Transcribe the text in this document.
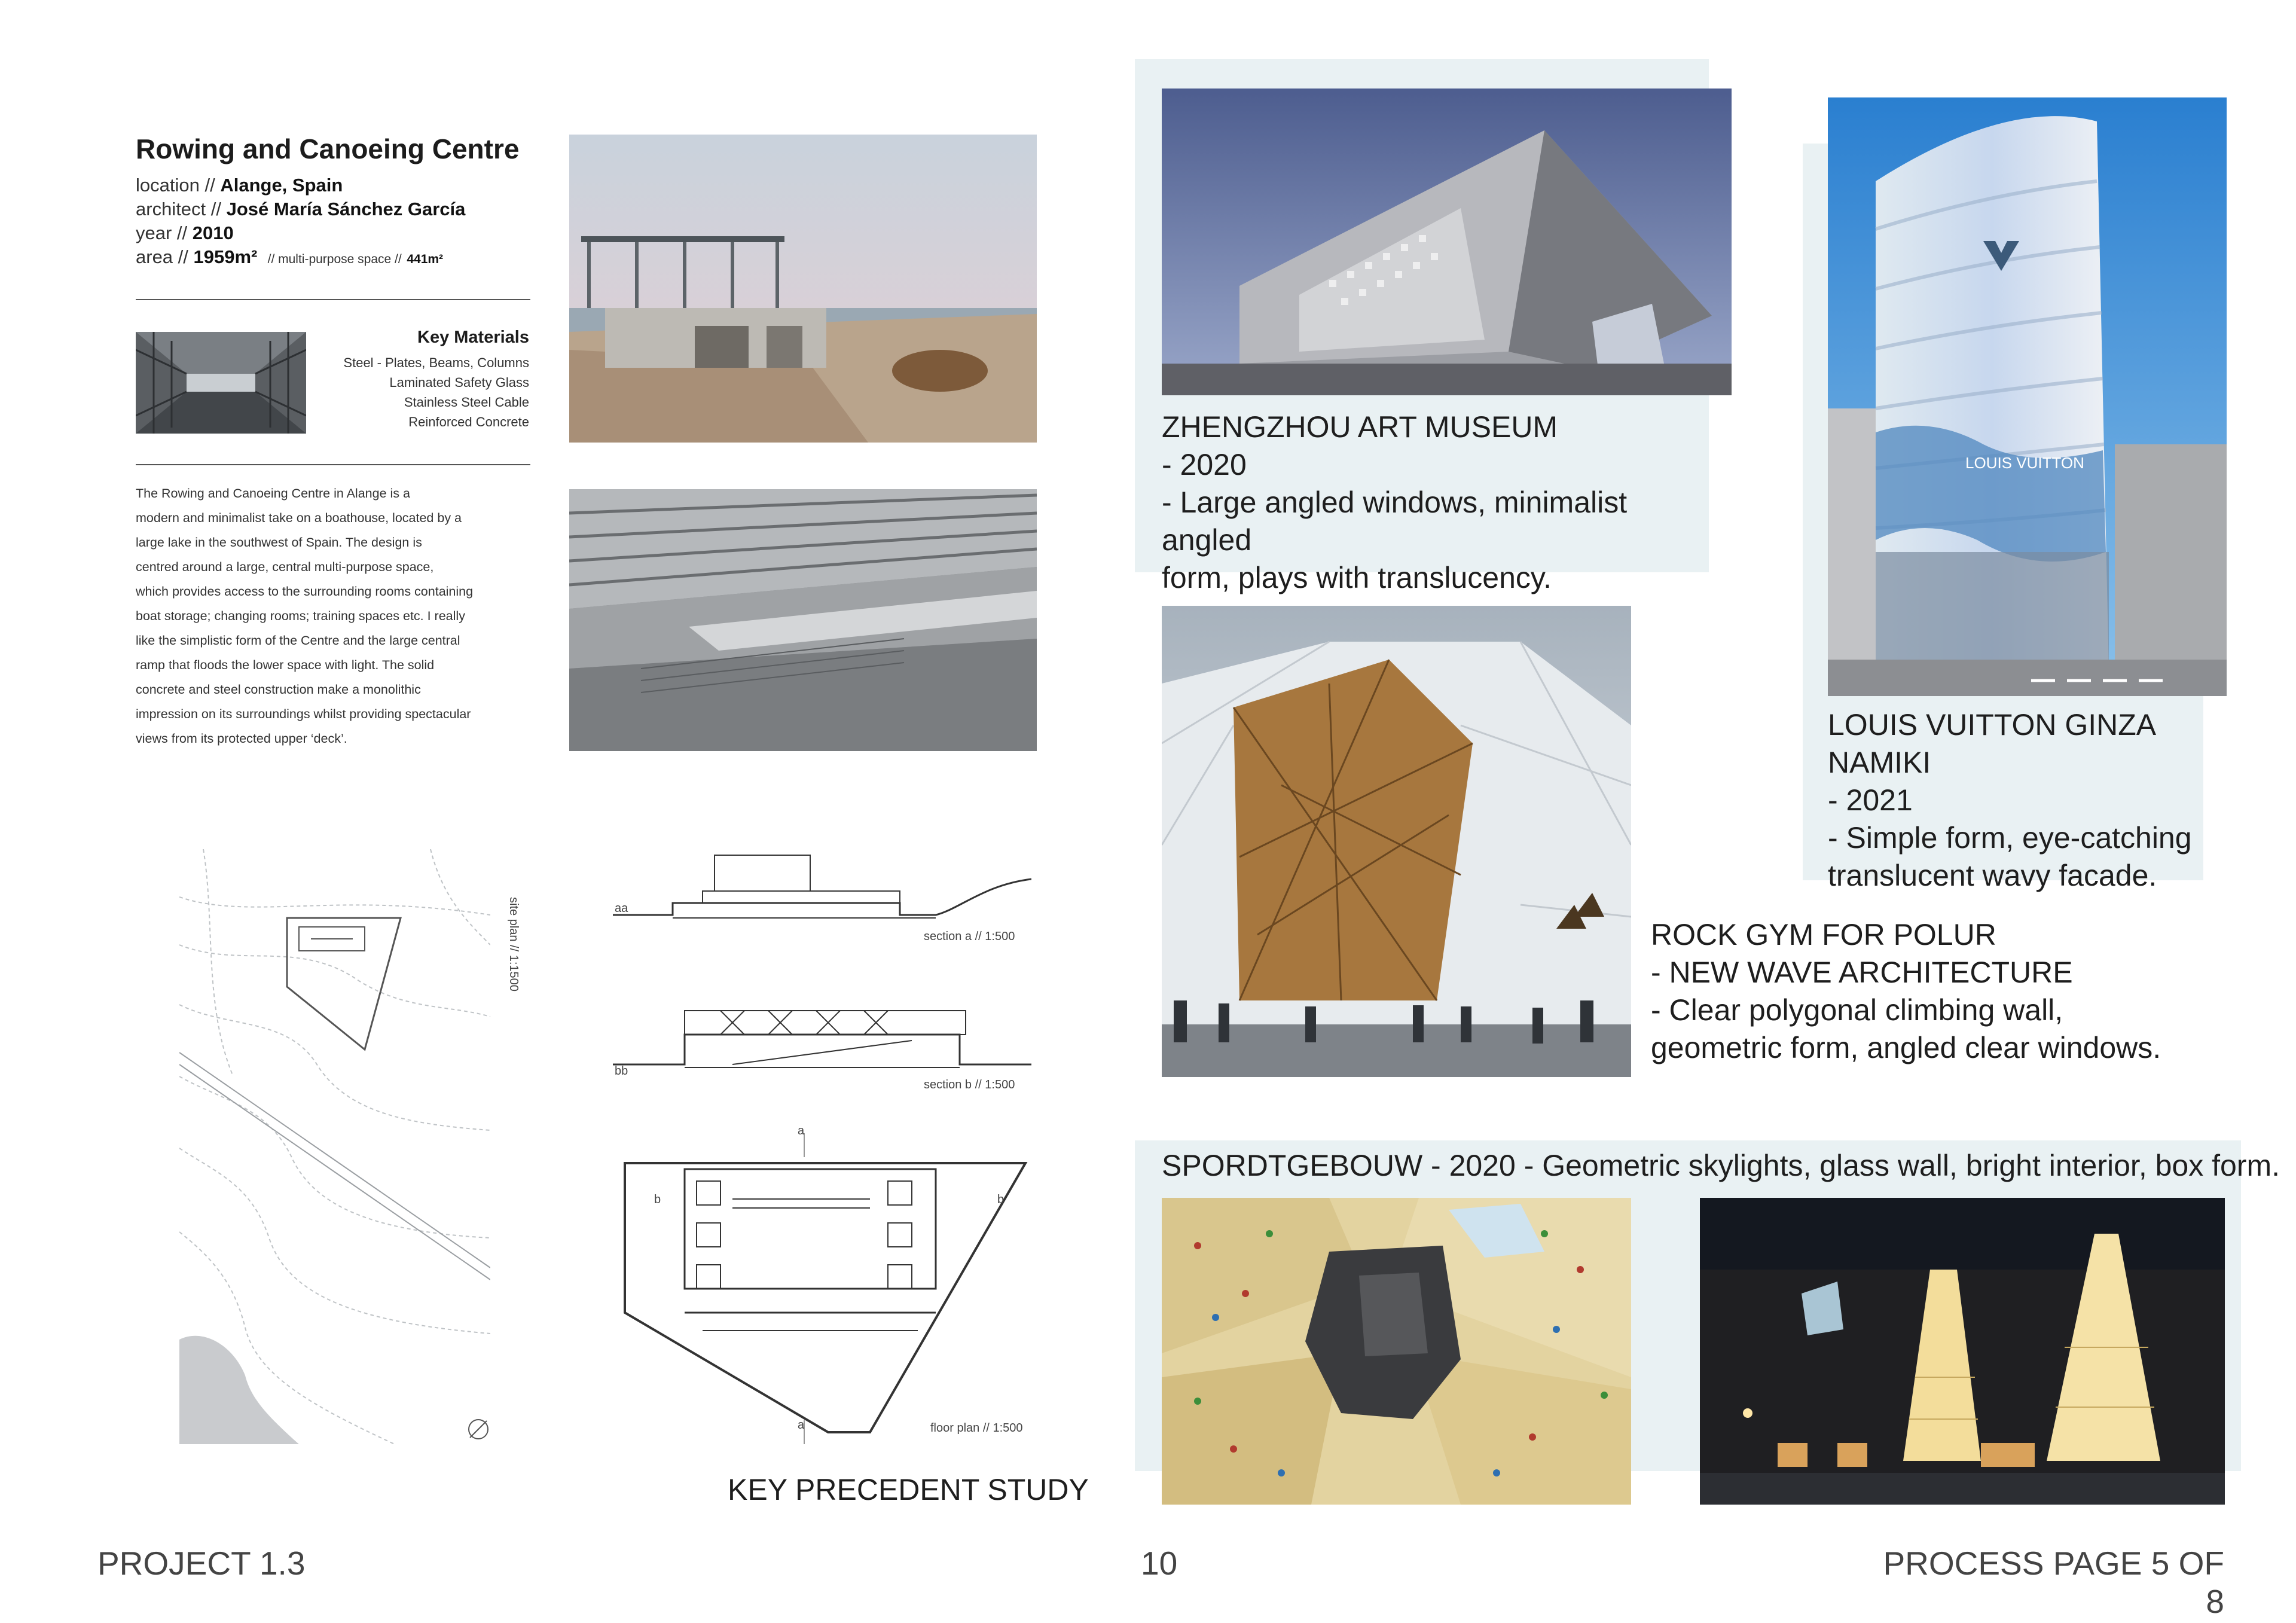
Rowing and Canoeing Centre
location // Alange, Spain
architect // José María Sánchez García
year // 2010
area // 1959m² // multi-purpose space // 441m²
Key Materials
Steel - Plates, Beams, Columns
Laminated Safety Glass
Stainless Steel Cable
Reinforced Concrete
The Rowing and Canoeing Centre in Alange is a
modern and minimalist take on a boathouse, located by a
large lake in the southwest of Spain. The design is
centred around a large, central multi-purpose space,
which provides access to the surrounding rooms containing
boat storage; changing rooms; training spaces etc. I really
like the simplistic form of the Centre and the large central
ramp that floods the lower space with light. The solid
concrete and steel construction make a monolithic
impression on its surroundings whilst providing spectacular
views from its protected upper ‘deck’.
site plan // 1:1500	aa
section a // 1:500
bb
section b // 1:500
a
b	b
a	floor plan // 1:500
KEY PRECEDENT STUDY
ZHENGZHOU ART MUSEUM
- 2020
- Large angled windows, minimalist angled
form, plays with translucency.
LOUIS VUITTON
LOUIS VUITTON GINZA NAMIKI
- 2021
- Simple form, eye-catching
translucent wavy facade.
ROCK GYM FOR POLUR
- NEW WAVE ARCHITECTURE
- Clear polygonal climbing wall,
geometric form, angled clear windows.
SPORDTGEBOUW - 2020 - Geometric skylights, glass wall, bright interior, box form.
PROJECT 1.3	10	PROCESS PAGE 5 OF 8
